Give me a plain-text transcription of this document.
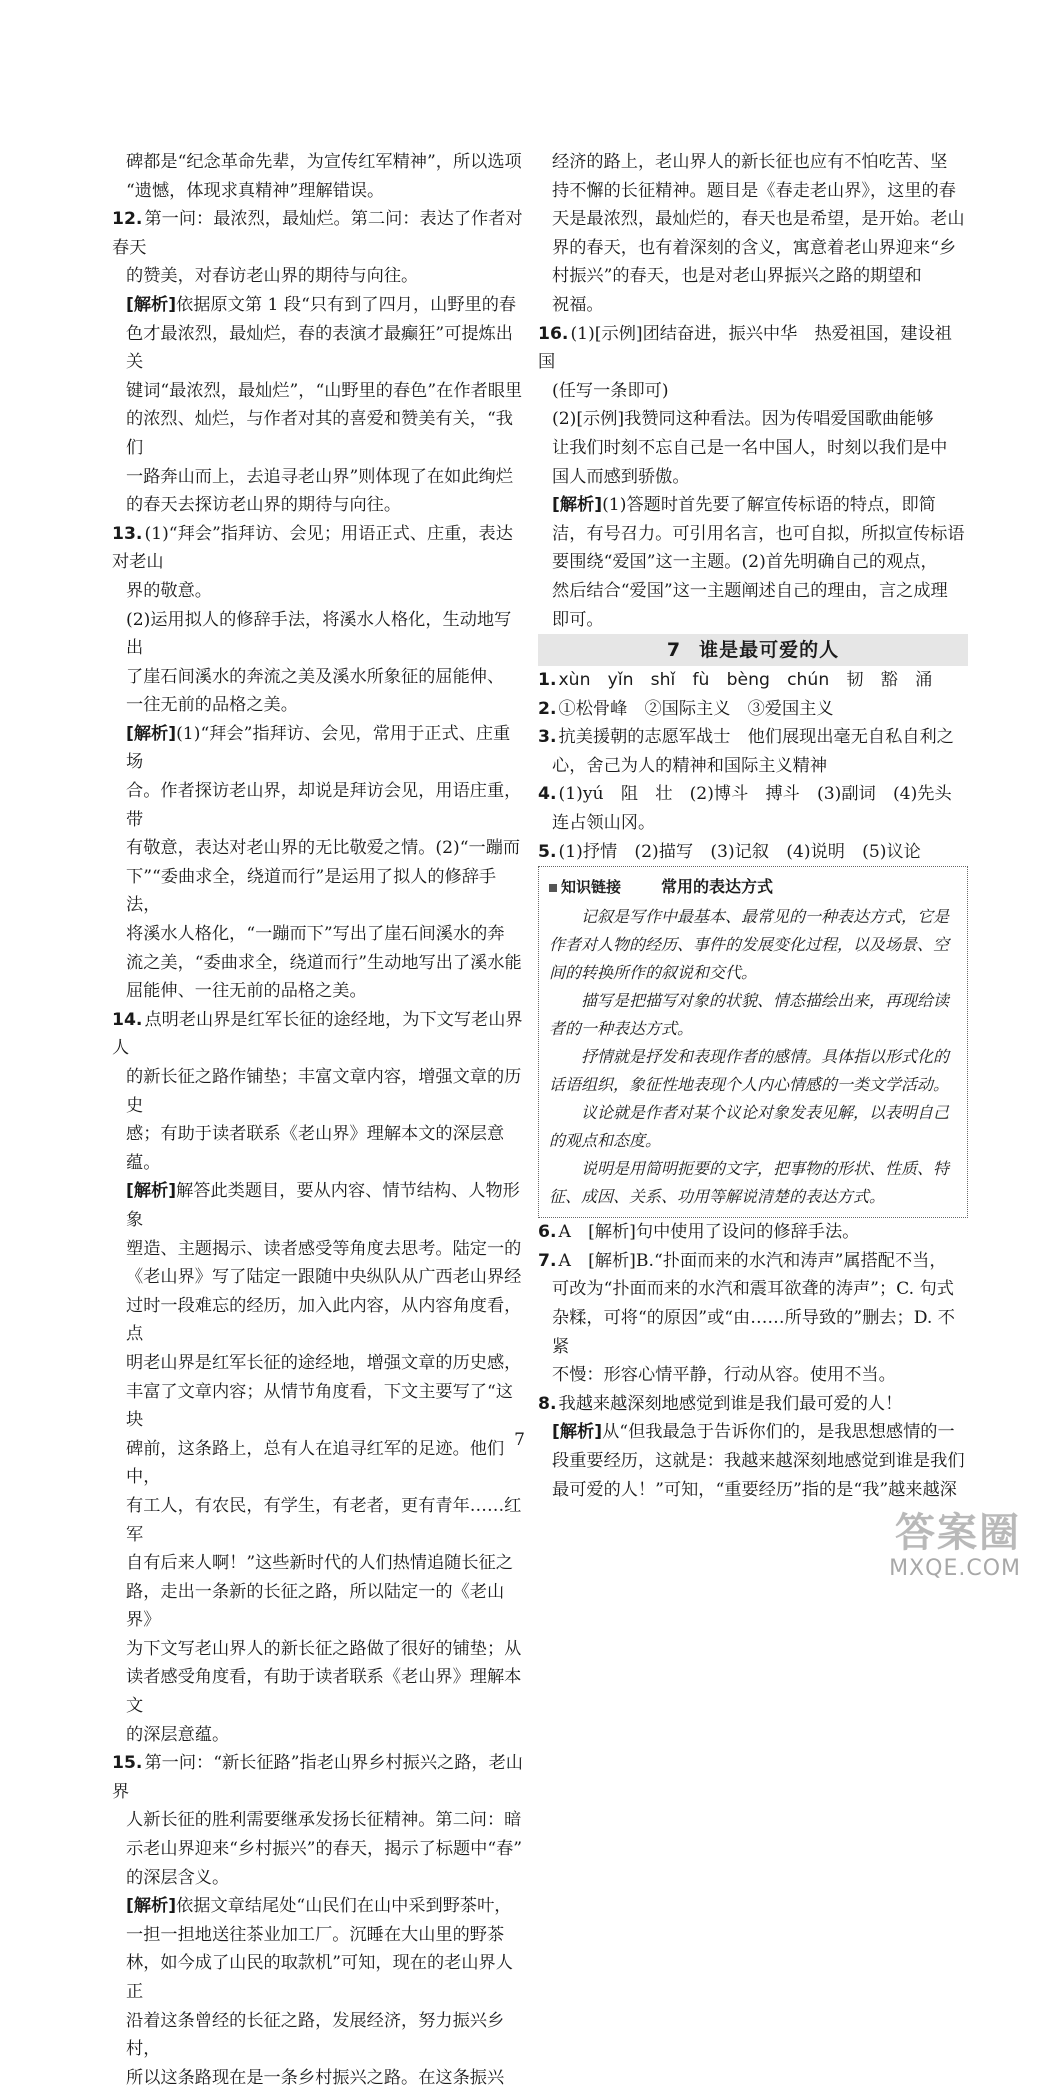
碑都是“纪念革命先辈，为宣传红军精神”，所以选项
“遗憾，体现求真精神”理解错误。
12. 第一问：最浓烈，最灿烂。第二问：表达了作者对春天
的赞美，对春访老山界的期待与向往。
[解析]依据原文第 1 段“只有到了四月，山野里的春
色才最浓烈，最灿烂，春的表演才最癫狂”可提炼出关
键词“最浓烈，最灿烂”，“山野里的春色”在作者眼里
的浓烈、灿烂，与作者对其的喜爱和赞美有关，“我们
一路奔山而上，去追寻老山界”则体现了在如此绚烂
的春天去探访老山界的期待与向往。
13. (1)“拜会”指拜访、会见；用语正式、庄重，表达对老山
界的敬意。
(2)运用拟人的修辞手法，将溪水人格化，生动地写出
了崖石间溪水的奔流之美及溪水所象征的屈能伸、
一往无前的品格之美。
[解析](1)“拜会”指拜访、会见，常用于正式、庄重场
合。作者探访老山界，却说是拜访会见，用语庄重，带
有敬意，表达对老山界的无比敬爱之情。(2)“一蹦而
下”“委曲求全，绕道而行”是运用了拟人的修辞手法，
将溪水人格化，“一蹦而下”写出了崖石间溪水的奔
流之美，“委曲求全，绕道而行”生动地写出了溪水能
屈能伸、一往无前的品格之美。
14. 点明老山界是红军长征的途经地，为下文写老山界人
的新长征之路作铺垫；丰富文章内容，增强文章的历史
感；有助于读者联系《老山界》理解本文的深层意蕴。
[解析]解答此类题目，要从内容、情节结构、人物形象
塑造、主题揭示、读者感受等角度去思考。陆定一的
《老山界》写了陆定一跟随中央纵队从广西老山界经
过时一段难忘的经历，加入此内容，从内容角度看，点
明老山界是红军长征的途经地，增强文章的历史感，
丰富了文章内容；从情节角度看，下文主要写了“这块
碑前，这条路上，总有人在追寻红军的足迹。他们中，
有工人，有农民，有学生，有老者，更有青年……红军
自有后来人啊！”这些新时代的人们热情追随长征之
路，走出一条新的长征之路，所以陆定一的《老山界》
为下文写老山界人的新长征之路做了很好的铺垫；从
读者感受角度看，有助于读者联系《老山界》理解本文
的深层意蕴。
15. 第一问：“新长征路”指老山界乡村振兴之路，老山界
人新长征的胜利需要继承发扬长征精神。第二问：暗
示老山界迎来“乡村振兴”的春天，揭示了标题中“春”
的深层含义。
[解析]依据文章结尾处“山民们在山中采到野茶叶，
一担一担地送往茶业加工厂。沉睡在大山里的野茶
林，如今成了山民的取款机”可知，现在的老山界人正
沿着这条曾经的长征之路，发展经济，努力振兴乡村，
所以这条路现在是一条乡村振兴之路。在这条振兴
经济的路上，老山界人的新长征也应有不怕吃苦、坚
持不懈的长征精神。题目是《春走老山界》，这里的春
天是最浓烈，最灿烂的，春天也是希望，是开始。老山
界的春天，也有着深刻的含义，寓意着老山界迎来“乡
村振兴”的春天，也是对老山界振兴之路的期望和
祝福。
16. (1)[示例]团结奋进，振兴中华　热爱祖国，建设祖国
(任写一条即可)
(2)[示例]我赞同这种看法。因为传唱爱国歌曲能够
让我们时刻不忘自己是一名中国人，时刻以我们是中
国人而感到骄傲。
[解析](1)答题时首先要了解宣传标语的特点，即简
洁，有号召力。可引用名言，也可自拟，所拟宣传标语
要围绕“爱国”这一主题。(2)首先明确自己的观点，
然后结合“爱国”这一主题阐述自己的理由，言之成理
即可。
7 谁是最可爱的人
1. xùn　yǐn　shǐ　fù　bèng　chún　韧　豁　涌
2. ①松骨峰　②国际主义　③爱国主义
3. 抗美援朝的志愿军战士　他们展现出毫无自私自利之
心，舍己为人的精神和国际主义精神
4. (1)yú　阻　壮　(2)博斗　搏斗　(3)副词　(4)先头
连占领山冈。
5. (1)抒情　(2)描写　(3)记叙　(4)说明　(5)议论
知识链接	常用的表达方式

记叙是写作中最基本、最常见的一种表达方式，它是作者对人物的经历、事件的发展变化过程，以及场景、空间的转换所作的叙说和交代。

描写是把描写对象的状貌、情态描绘出来，再现给读者的一种表达方式。

抒情就是抒发和表现作者的感情。具体指以形式化的话语组织，象征性地表现个人内心情感的一类文学活动。

议论就是作者对某个议论对象发表见解，以表明自己的观点和态度。

说明是用简明扼要的文字，把事物的形状、性质、特征、成因、关系、功用等解说清楚的表达方式。

6. A　[解析]句中使用了设问的修辞手法。
7. A　[解析]B.“扑面而来的水汽和涛声”属搭配不当，
可改为“扑面而来的水汽和震耳欲聋的涛声”；C. 句式
杂糅，可将“的原因”或“由……所导致的”删去；D. 不紧
不慢：形容心情平静，行动从容。使用不当。
8. 我越来越深刻地感觉到谁是我们最可爱的人！
[解析]从“但我最急于告诉你们的，是我思想感情的一
段重要经历，这就是：我越来越深刻地感觉到谁是我们
最可爱的人！”可知，“重要经历”指的是“我”越来越深
7
答案圈
MXQE.COM
